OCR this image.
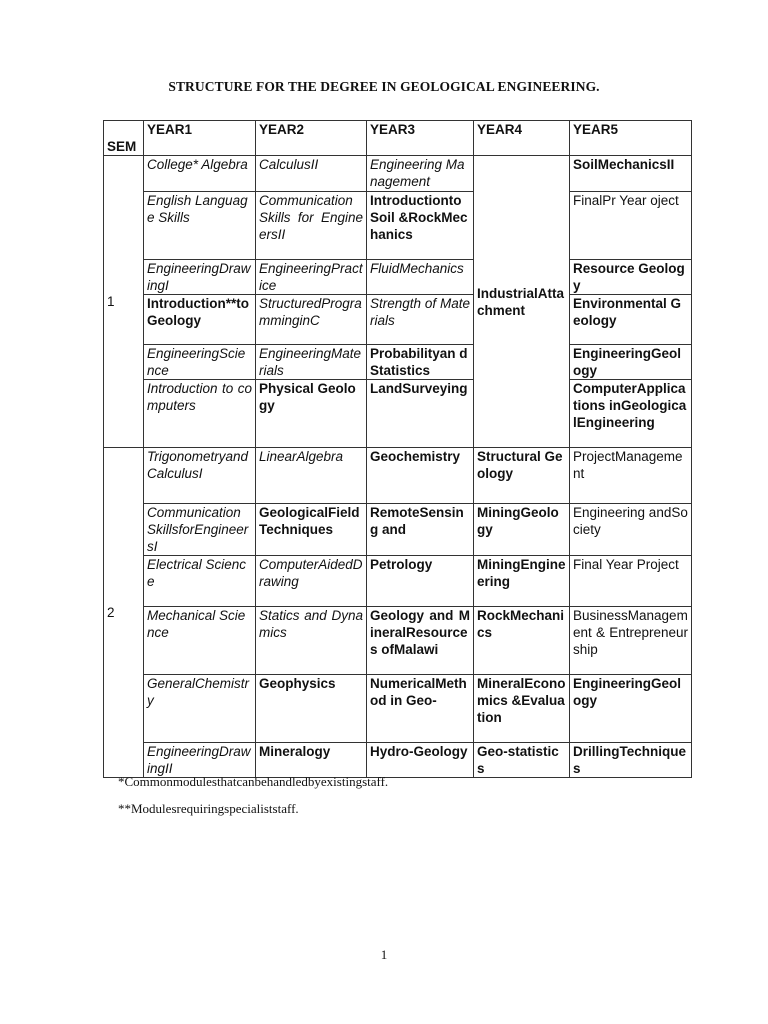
STRUCTURE FOR THE DEGREE IN GEOLOGICAL ENGINEERING.
SEM	YEAR1	YEAR2	YEAR3	YEAR4	YEAR5
1	College* Algebra	CalculusII	Engineering Management	IndustrialAttachment	SoilMechanicsII
	English Language Skills	Communication Skills for EngineersII	Introductionto Soil &RockMechanics		FinalPr Year oject
	EngineeringDrawingI	EngineeringPractice	FluidMechanics		Resource Geology
	Introduction**toGeology	StructuredProgramminginC	Strength of Materials		Environmental Geology
	EngineeringScience	EngineeringMaterials	Probabilityan dStatistics		EngineeringGeology
	Introduction to computers	Physical Geology	LandSurveying		ComputerApplications inGeologicalEngineering
2	TrigonometryandCalculusI	LinearAlgebra	Geochemistry	Structural Geology	ProjectManagement
	Communication SkillsforEngineersI	GeologicalFieldTechniques	RemoteSensing and	MiningGeology	Engineering andSociety
	Electrical Science	ComputerAidedDrawing	Petrology	MiningEngineering	Final Year Project
	Mechanical Science	Statics and Dynamics	Geology and MineralResources ofMalawi	RockMechanics	BusinessManagement & Entrepreneurship
	GeneralChemistry	Geophysics	NumericalMethod in Geo-	MineralEconomics &Evaluation	EngineeringGeology
	EngineeringDrawingII	Mineralogy	Hydro-Geology	Geo-statistics	DrillingTechniques
*Commonmodulesthatcanbehandledbyexistingstaff.
**Modulesrequiringspecialiststaff.
1
